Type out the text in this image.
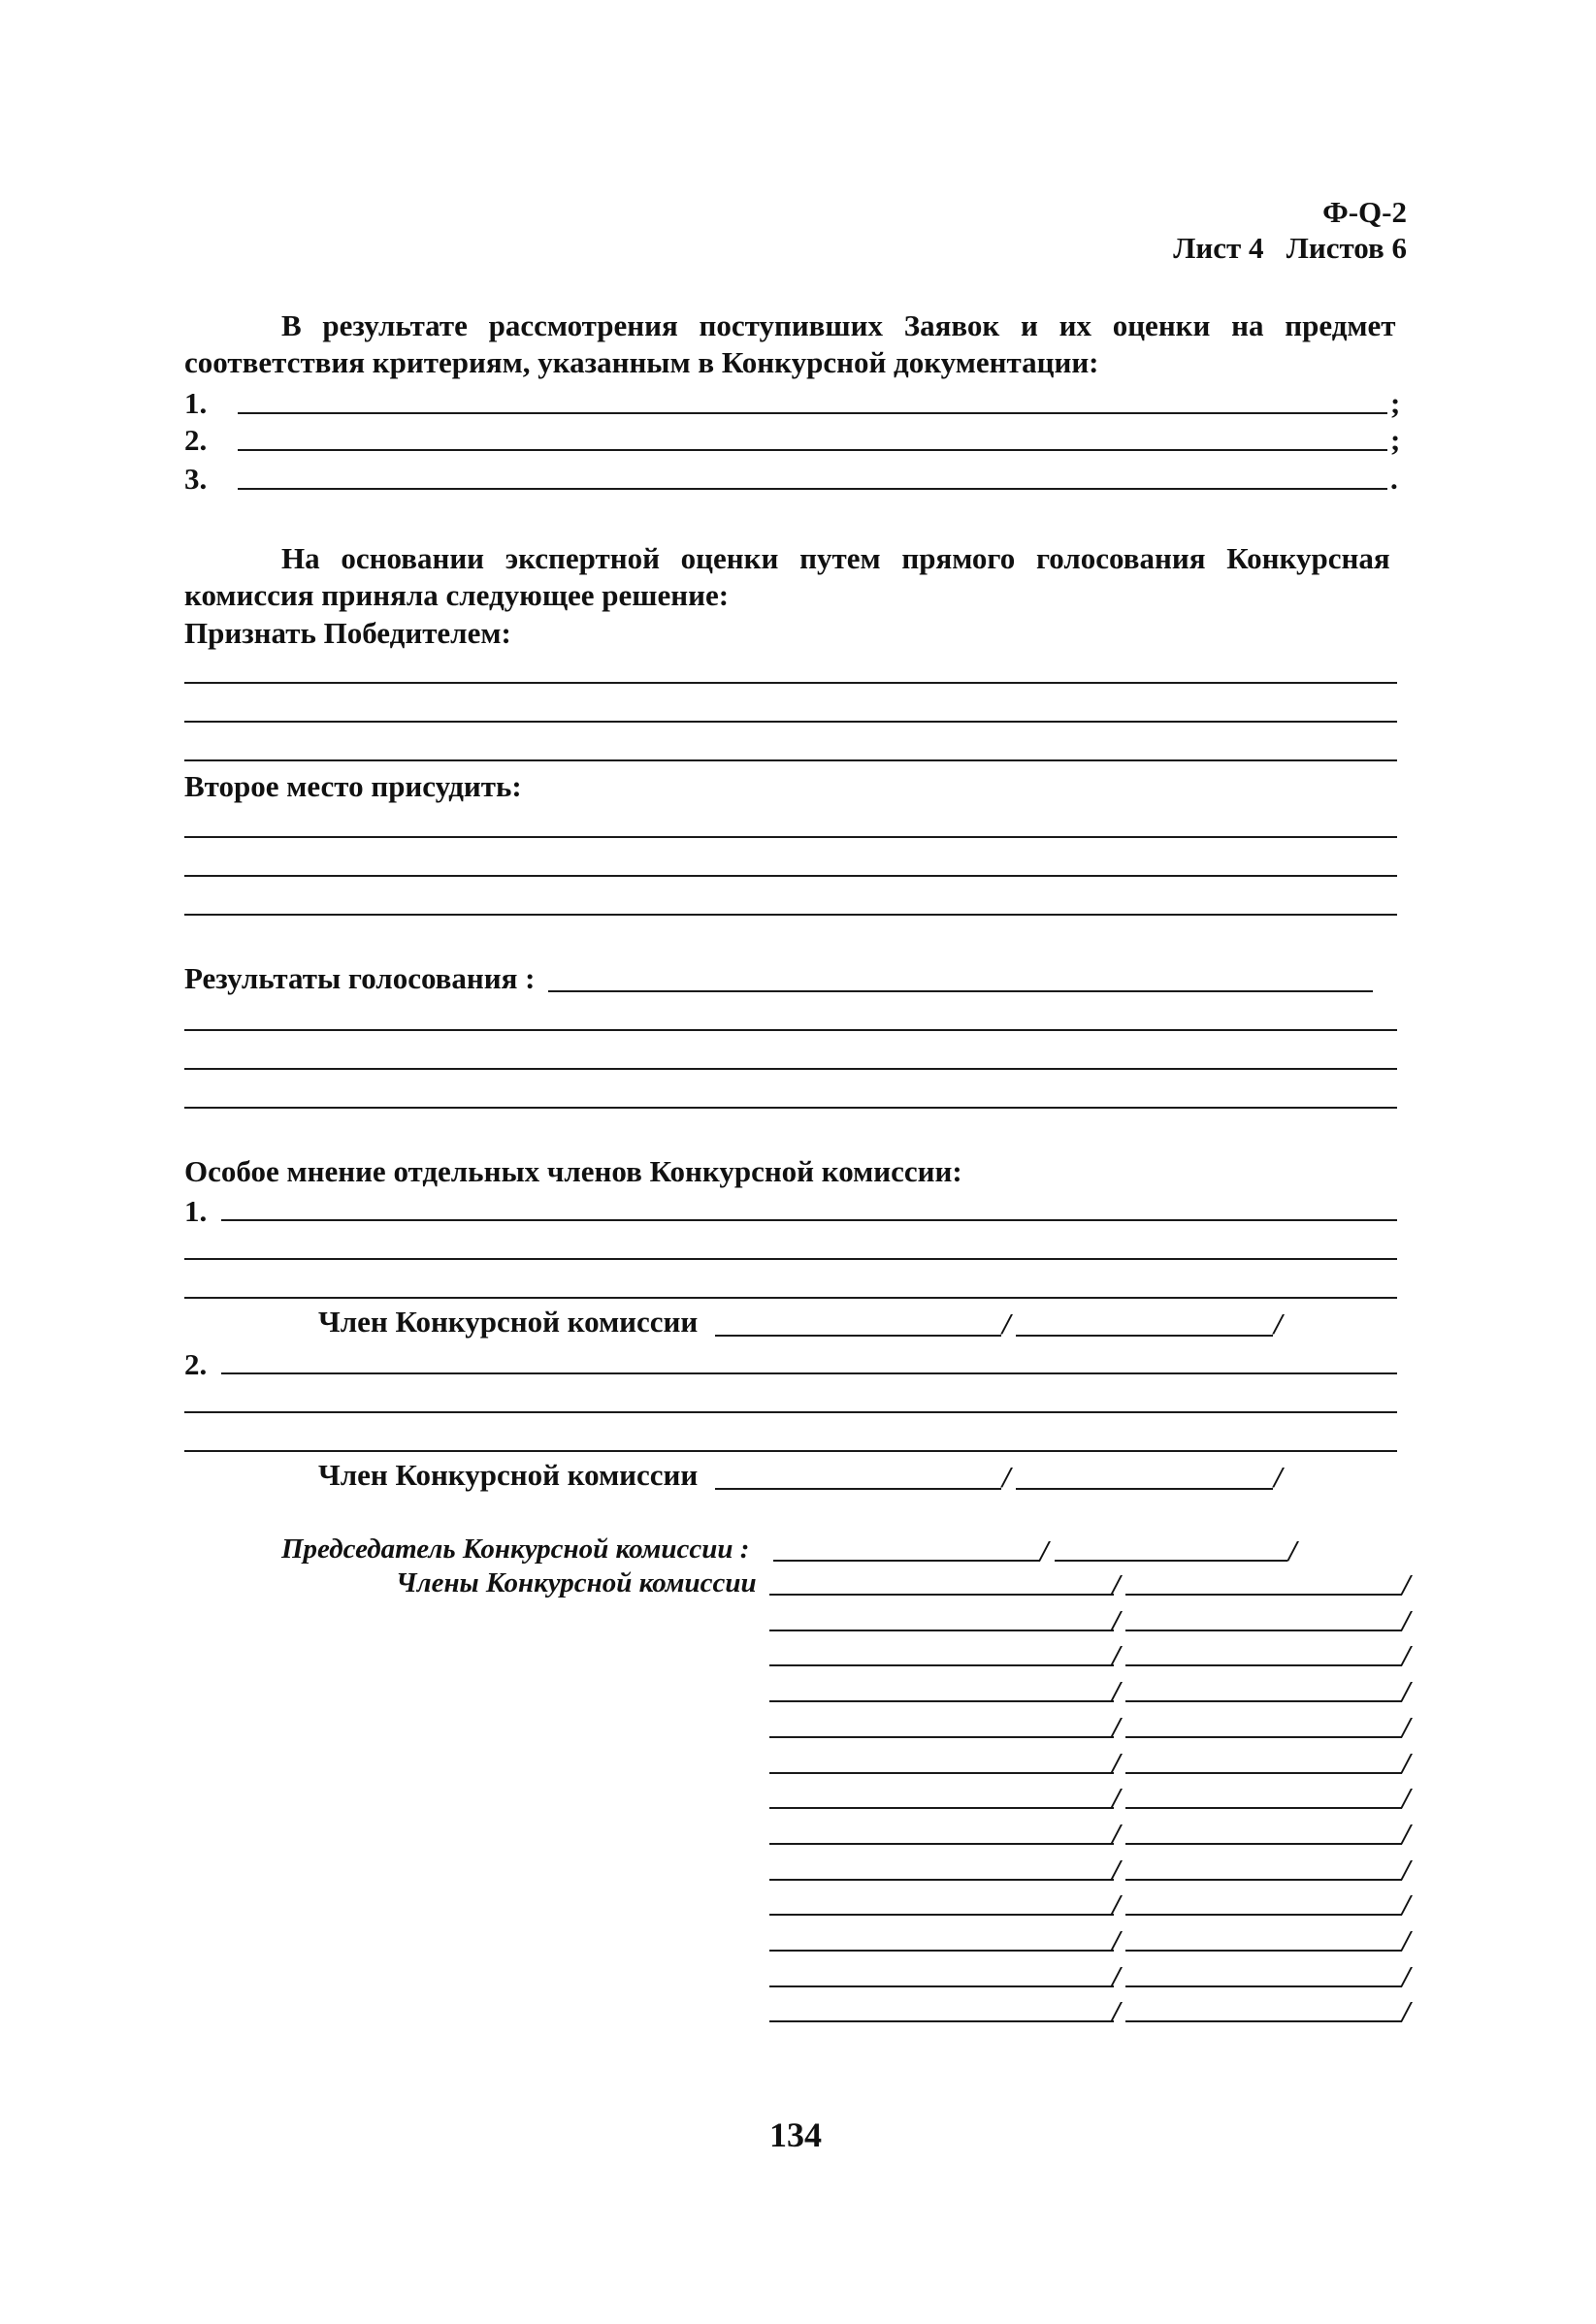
Ф-Q-2
Лист 4   Листов 6
В результате рассмотрения поступивших Заявок и их оценки на предмет
соответствия критериям, указанным в Конкурсной документации:
1.	;
2.	;
3.	.
На основании экспертной оценки путем прямого голосования Конкурсная
комиссия приняла следующее решение:
Признать Победителем:
Второе место присудить:
Результаты голосования :
Особое мнение отдельных членов Конкурсной комиссии:
1.
Член Конкурсной комиссии	/	/
2.
Член Конкурсной комиссии	/	/
Председатель Конкурсной комиссии :	/	/
Члены Конкурсной комиссии	/	/
/	/
/	/
/	/
/	/
/	/
/	/
/	/
/	/
/	/
/	/
/	/
/	/
134
